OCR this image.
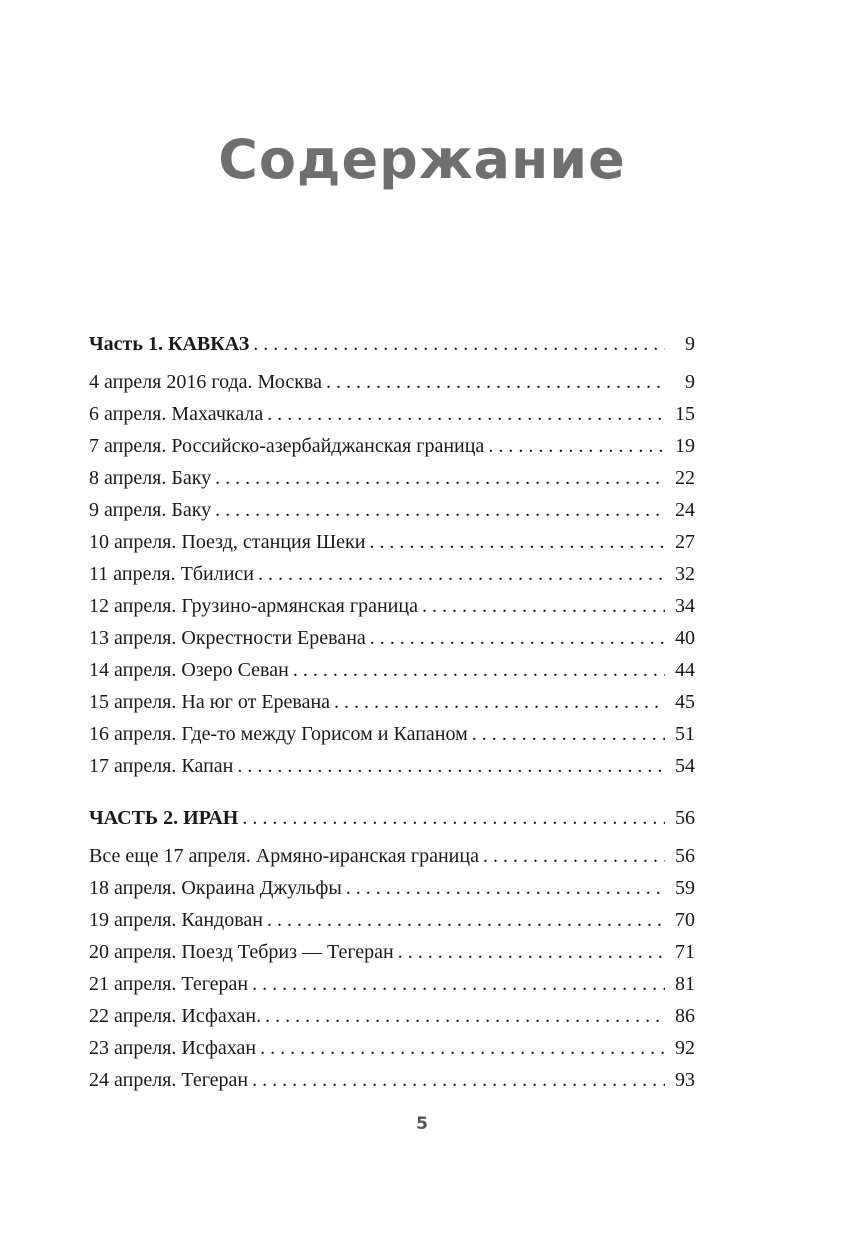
Содержание
Часть 1. КАВКАЗ . . .	9
4 апреля 2016 года. Москва . . .	9
6 апреля. Махачкала . . .	15
7 апреля. Российско-азербайджанская граница . . .	19
8 апреля. Баку . . .	22
9 апреля. Баку . . .	24
10 апреля. Поезд, станция Шеки . . .	27
11 апреля. Тбилиси . . .	32
12 апреля. Грузино-армянская граница . . .	34
13 апреля. Окрестности Еревана . . .	40
14 апреля. Озеро Севан . . .	44
15 апреля. На юг от Еревана . . .	45
16 апреля. Где-то между Горисом и Капаном . . .	51
17 апреля. Капан . . .	54
ЧАСТЬ 2. ИРАН . . .	56
Все еще 17 апреля. Армяно-иранская граница . . .	56
18 апреля. Окраина Джульфы . . .	59
19 апреля. Кандован . . .	70
20 апреля. Поезд Тебриз — Тегеран . . .	71
21 апреля. Тегеран . . .	81
22 апреля. Исфахан. . . .	86
23 апреля. Исфахан . . .	92
24 апреля. Тегеран . . .	93
5
